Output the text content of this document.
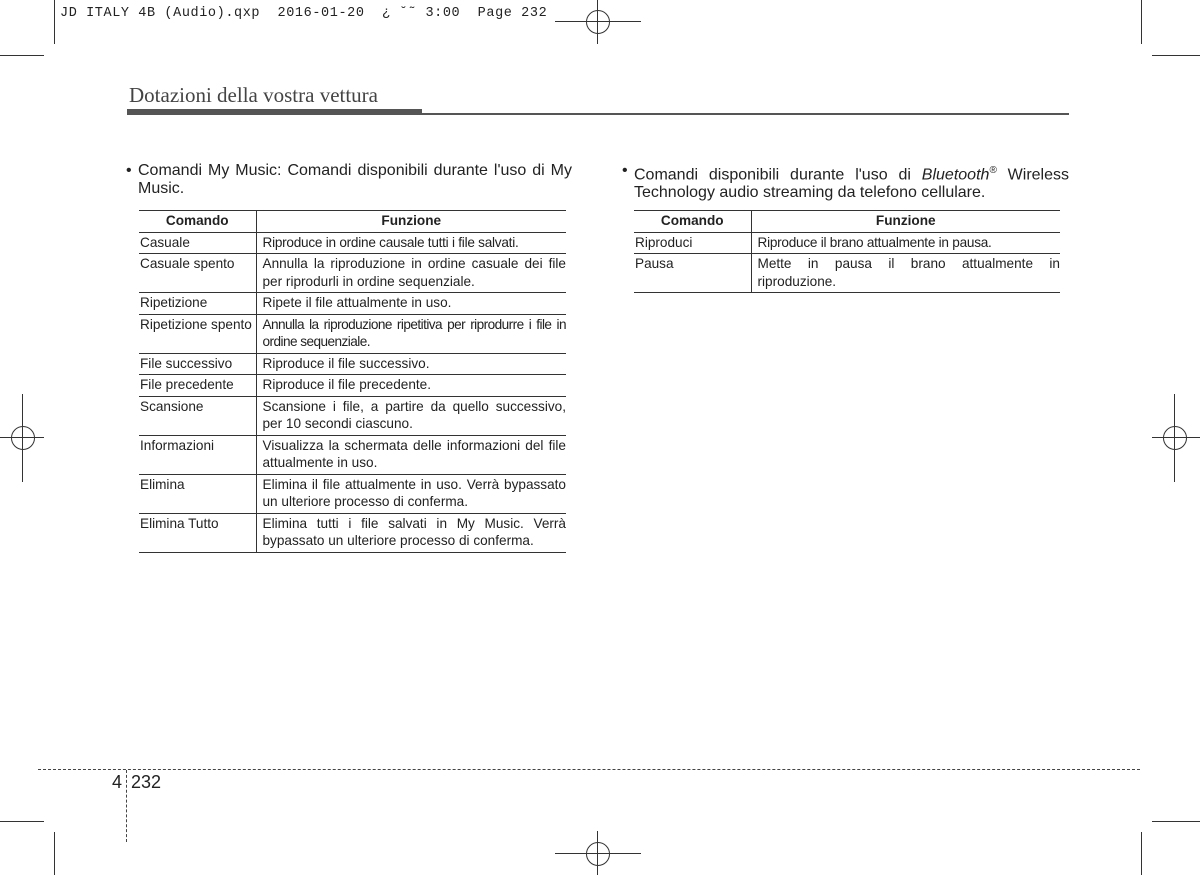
JD ITALY 4B (Audio).qxp  2016-01-20  ¿ ˘˜ 3:00  Page 232
Dotazioni della vostra vettura
• Comandi My Music: Comandi disponibili durante l'uso di My Music.
Comando	Funzione
Casuale	Riproduce in ordine causale tutti i file salvati.
Casuale spento	Annulla la riproduzione in ordine casuale dei file per riprodurli in ordine sequenziale.
Ripetizione	Ripete il file attualmente in uso.
Ripetizione spento	Annulla la riproduzione ripetitiva per riprodurre i file in ordine sequenziale.
File successivo	Riproduce il file successivo.
File precedente	Riproduce il file precedente.
Scansione	Scansione i file, a partire da quello successivo, per 10 secondi ciascuno.
Informazioni	Visualizza la schermata delle informazioni del file attualmente in uso.
Elimina	Elimina il file attualmente in uso. Verrà bypassato un ulteriore processo di conferma.
Elimina Tutto	Elimina tutti i file salvati in My Music. Verrà bypassato un ulteriore processo di conferma.
• Comandi disponibili durante l'uso di Bluetooth® Wireless Technology audio streaming da telefono cellulare.
Comando	Funzione
Riproduci	Riproduce il brano attualmente in pausa.
Pausa	Mette in pausa il brano attualmente in riproduzione.
4 232
